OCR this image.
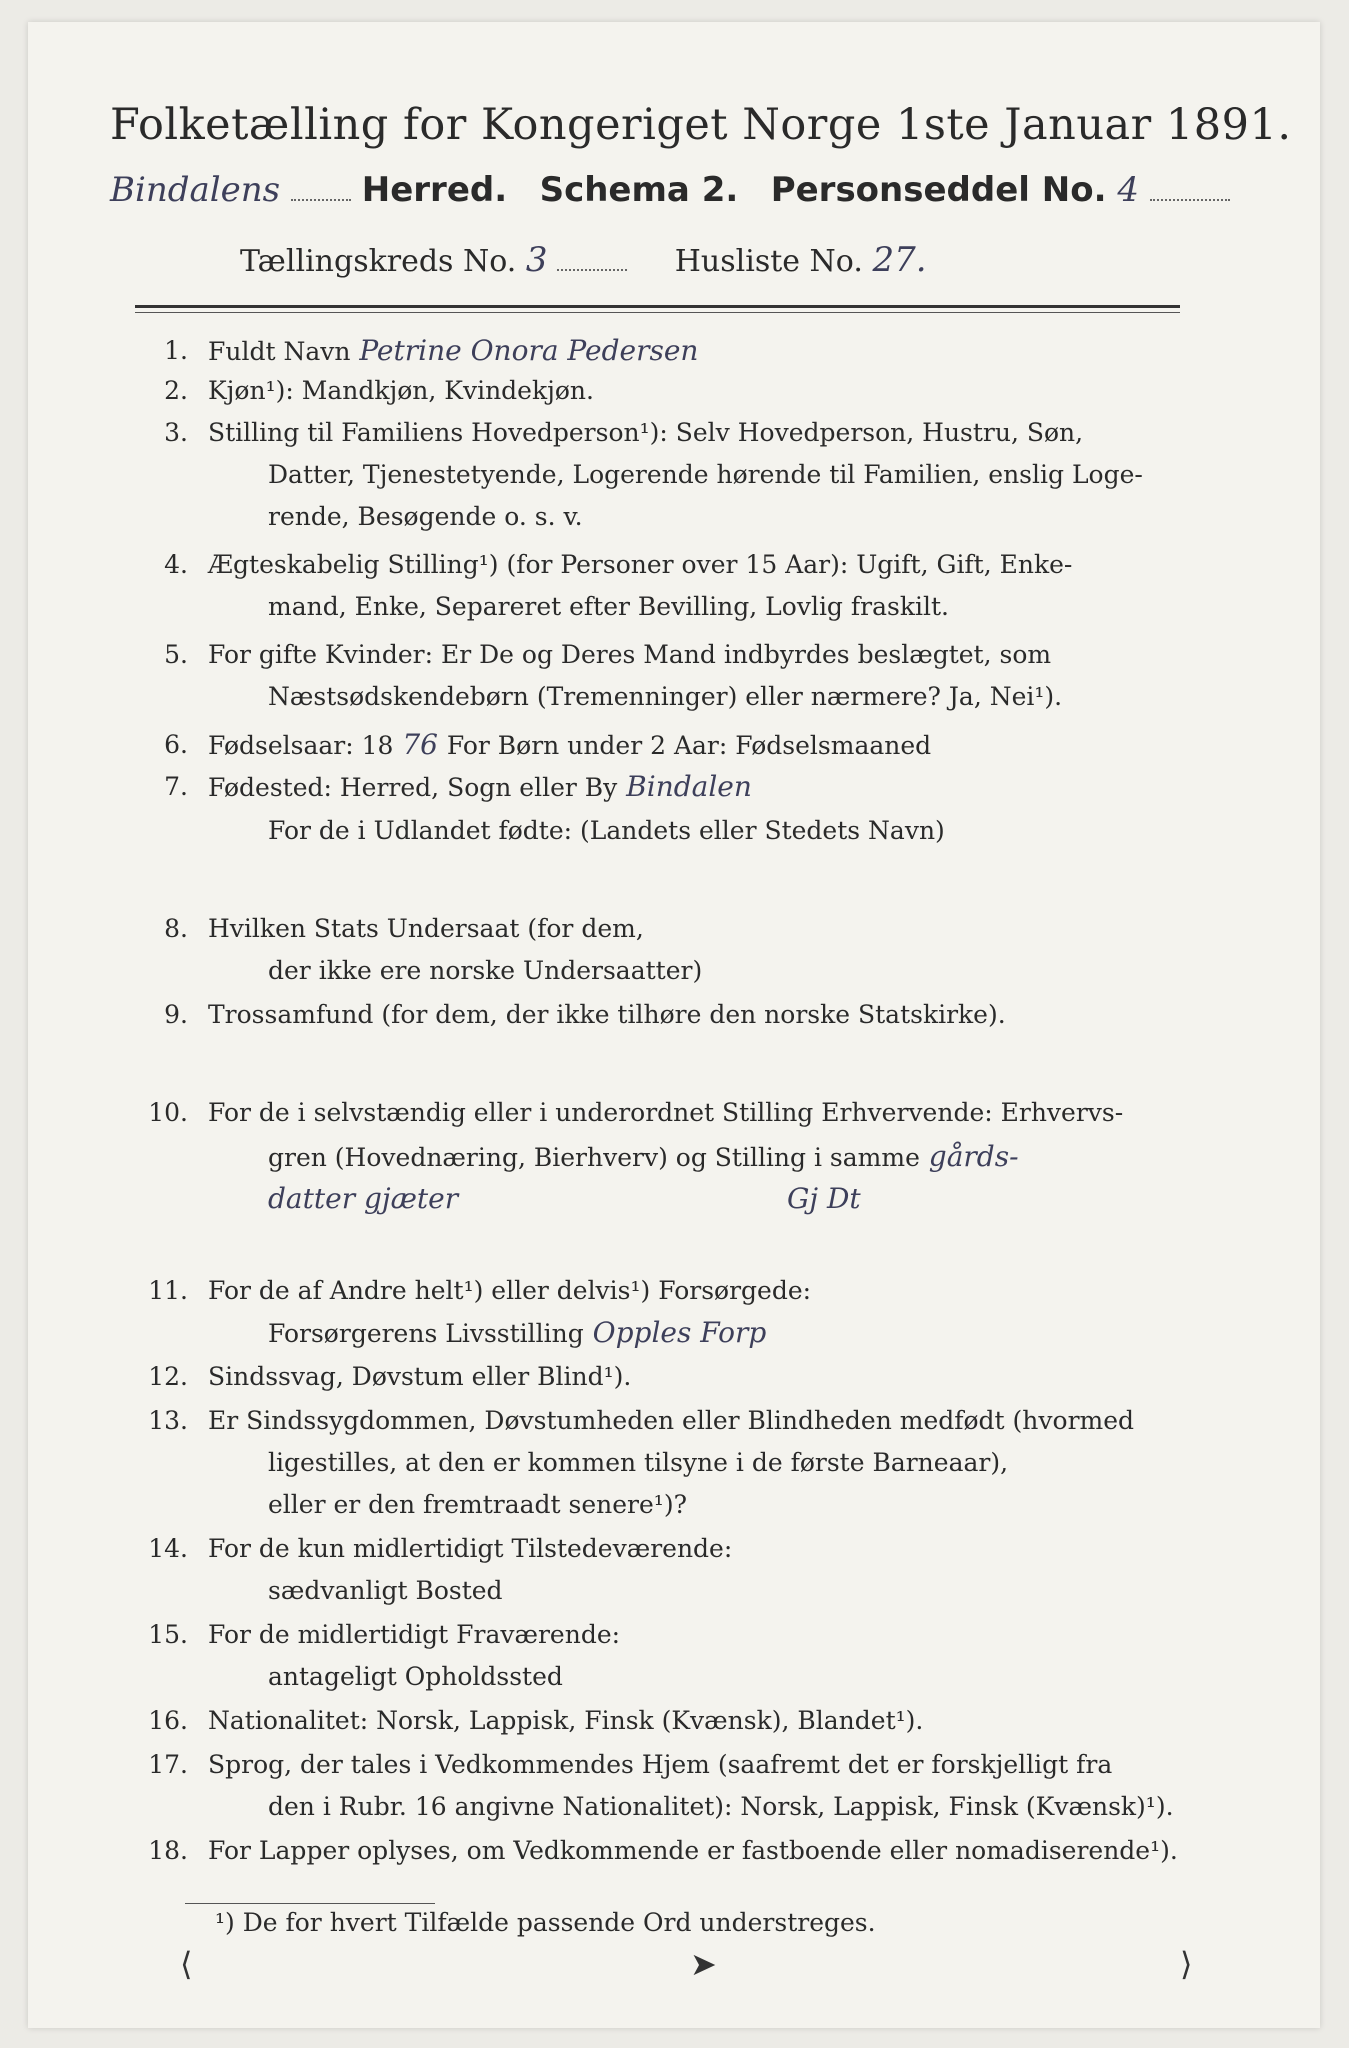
Folketælling for Kongeriget Norge 1ste Januar 1891.
Bindalens Herred. Schema 2. Personseddel No. 4
Tællingskreds No. 3	Husliste No. 27.
1. Fuldt Navn Petrine Onora Pedersen
2. Kjøn¹): Mandkjøn, Kvindekjøn.
3. Stilling til Familiens Hovedperson¹): Selv Hovedperson, Hustru, Søn,
Datter, Tjenestetyende, Logerende hørende til Familien, enslig Loge-
rende, Besøgende o. s. v.
4. Ægteskabelig Stilling¹) (for Personer over 15 Aar): Ugift, Gift, Enke-
mand, Enke, Separeret efter Bevilling, Lovlig fraskilt.
5. For gifte Kvinder: Er De og Deres Mand indbyrdes beslægtet, som
Næstsødskendebørn (Tremenninger) eller nærmere? Ja, Nei¹).
6. Fødselsaar: 18 76 For Børn under 2 Aar: Fødselsmaaned
7. Fødested: Herred, Sogn eller By Bindalen
For de i Udlandet fødte: (Landets eller Stedets Navn)
8. Hvilken Stats Undersaat (for dem,
der ikke ere norske Undersaatter)
9. Trossamfund (for dem, der ikke tilhøre den norske Statskirke).
10. For de i selvstændig eller i underordnet Stilling Erhvervende: Erhvervs-
gren (Hovednæring, Bierhverv) og Stilling i samme gårds-
datter gjæter	Gj Dt
11. For de af Andre helt¹) eller delvis¹) Forsørgede:
Forsørgerens Livsstilling Opples Forp
12. Sindssvag, Døvstum eller Blind¹).
13. Er Sindssygdommen, Døvstumheden eller Blindheden medfødt (hvormed
ligestilles, at den er kommen tilsyne i de første Barneaar),
eller er den fremtraadt senere¹)?
14. For de kun midlertidigt Tilstedeværende:
sædvanligt Bosted
15. For de midlertidigt Fraværende:
antageligt Opholdssted
16. Nationalitet: Norsk, Lappisk, Finsk (Kvænsk), Blandet¹).
17. Sprog, der tales i Vedkommendes Hjem (saafremt det er forskjelligt fra
den i Rubr. 16 angivne Nationalitet): Norsk, Lappisk, Finsk (Kvænsk)¹).
18. For Lapper oplyses, om Vedkommende er fastboende eller nomadiserende¹).
¹) De for hvert Tilfælde passende Ord understreges.
⟨	➤	⟩
